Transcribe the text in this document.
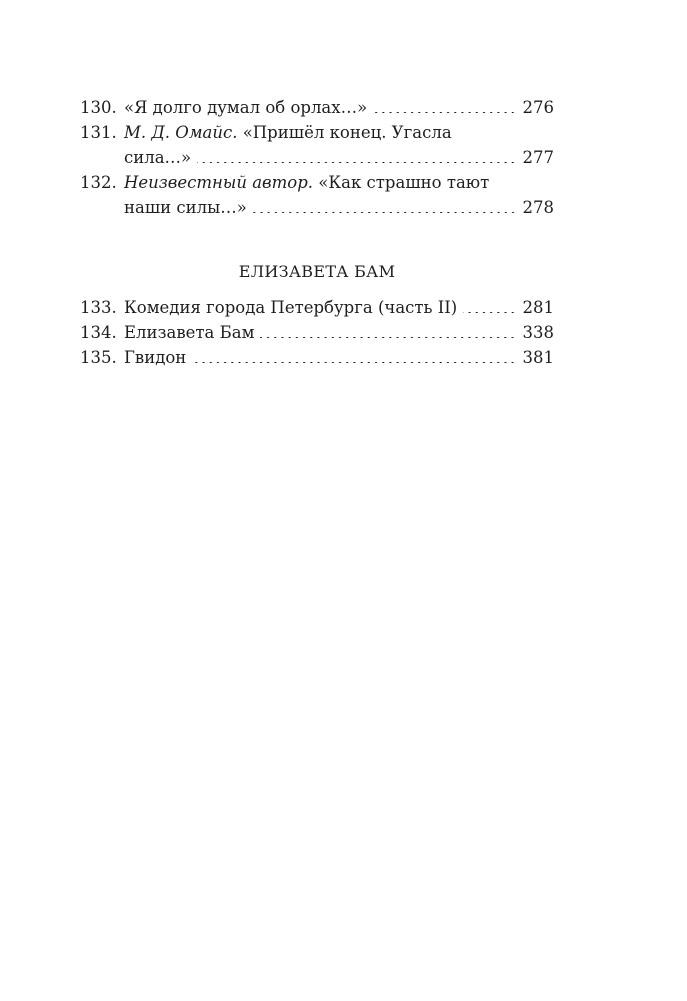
130. «Я долго думал об орлах…»	276
131. М. Д. Омайс. «Пришёл конец. Угасла
сила…»	277
132. Неизвестный автор. «Как страшно тают
наши силы…»	278
ЕЛИЗАВЕТА БАМ
133. Комедия города Петербурга (часть II)	281
134. Елизавета Бам	338
135. Гвидон	381
